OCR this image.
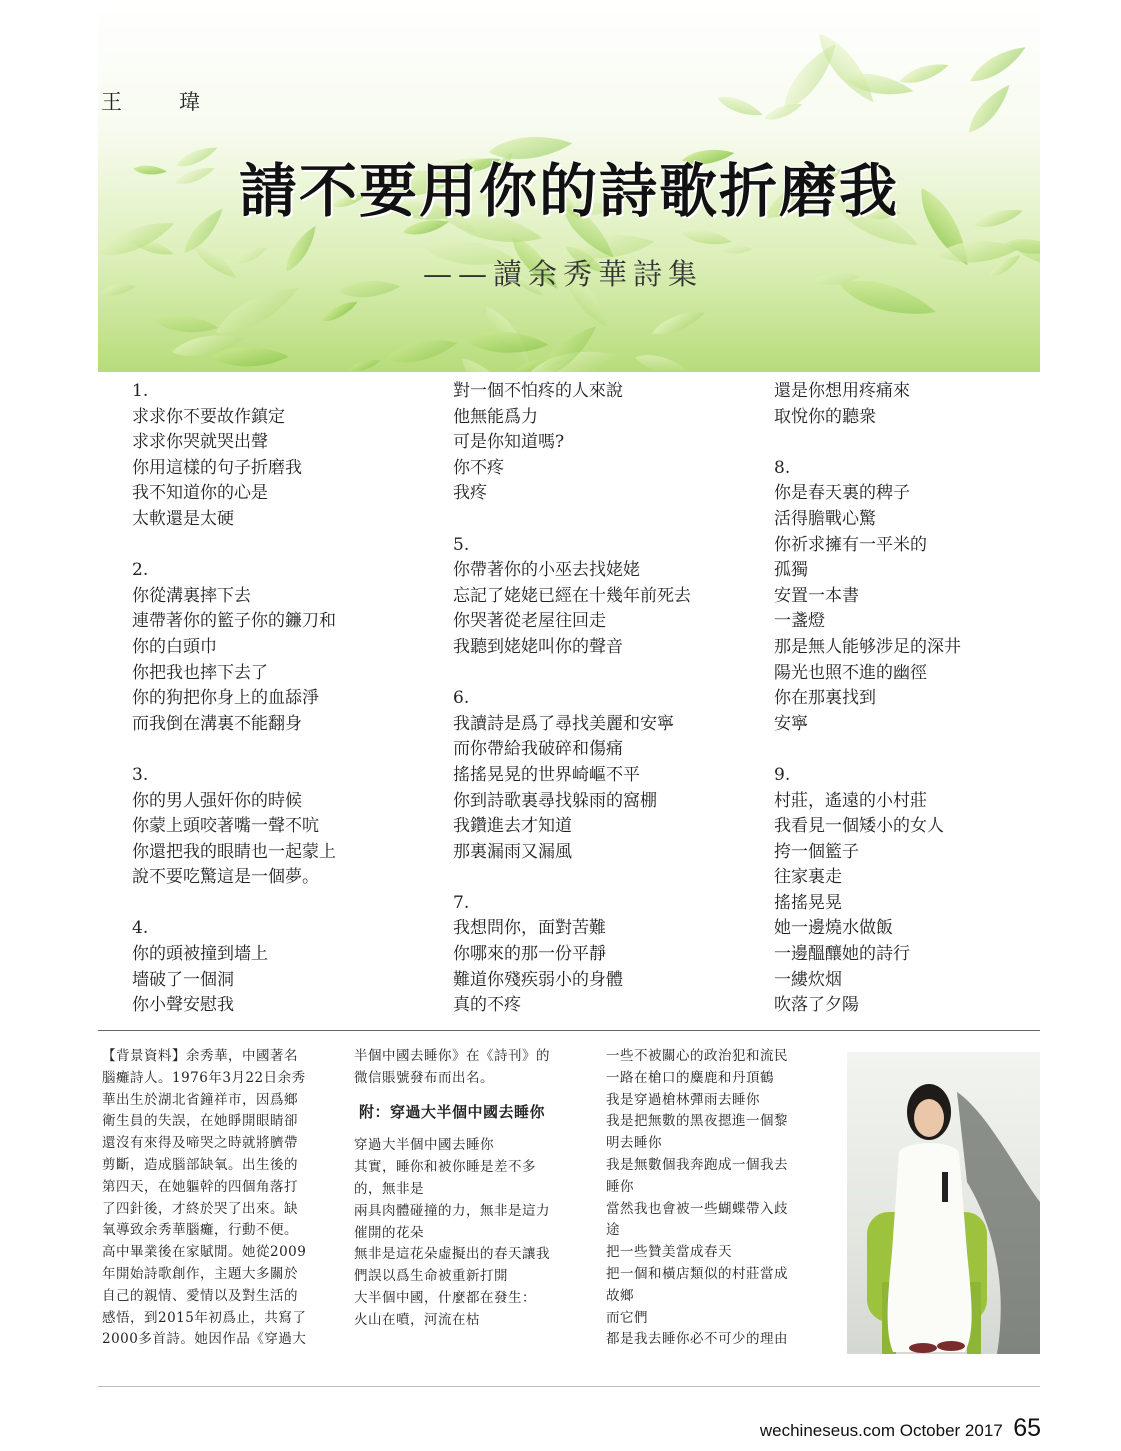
王　瑋
請不要用你的詩歌折磨我
——讀余秀華詩集
1.
求求你不要故作鎮定
求求你哭就哭出聲
你用這樣的句子折磨我
我不知道你的心是
太軟還是太硬

2.
你從溝裏摔下去
連帶著你的籃子你的鐮刀和
你的白頭巾
你把我也摔下去了
你的狗把你身上的血舔淨
而我倒在溝裏不能翻身

3.
你的男人强奸你的時候
你蒙上頭咬著嘴一聲不吭
你還把我的眼睛也一起蒙上
說不要吃驚這是一個夢。

4.
你的頭被撞到墻上
墻破了一個洞
你小聲安慰我
對一個不怕疼的人來說
他無能爲力
可是你知道嗎?
你不疼
我疼

5.
你帶著你的小巫去找姥姥
忘記了姥姥已經在十幾年前死去
你哭著從老屋往回走
我聽到姥姥叫你的聲音

6.
我讀詩是爲了尋找美麗和安寧
而你帶給我破碎和傷痛
搖搖晃晃的世界崎嶇不平
你到詩歌裏尋找躲雨的窩棚
我鑽進去才知道
那裏漏雨又漏風

7.
我想問你，面對苦難
你哪來的那一份平靜
難道你殘疾弱小的身體
真的不疼
還是你想用疼痛來
取悅你的聽衆

8.
你是春天裏的稗子
活得膽戰心驚
你祈求擁有一平米的
孤獨
安置一本書
一盞燈
那是無人能够涉足的深井
陽光也照不進的幽徑
你在那裏找到
安寧

9.
村莊，遙遠的小村莊
我看見一個矮小的女人
挎一個籃子
往家裏走
搖搖晃晃
她一邊燒水做飯
一邊醞釀她的詩行
一縷炊烟
吹落了夕陽
【背景資料】余秀華，中國著名
腦癱詩人。1976年3月22日余秀
華出生於湖北省鐘祥市，因爲鄉
衛生員的失誤，在她睜開眼睛卻
還沒有來得及啼哭之時就將臍帶
剪斷，造成腦部缺氧。出生後的
第四天，在她軀幹的四個角落打
了四針後，才終於哭了出來。缺
氧導致余秀華腦癱，行動不便。
高中畢業後在家賦閒。她從2009
年開始詩歌創作，主題大多關於
自己的親情、愛情以及對生活的
感悟，到2015年初爲止，共寫了
2000多首詩。她因作品《穿過大
半個中國去睡你》在《詩刊》的
微信賬號發布而出名。
附：穿過大半個中國去睡你
穿過大半個中國去睡你
其實，睡你和被你睡是差不多
的，無非是
兩具肉體碰撞的力，無非是這力
催開的花朵
無非是這花朵虛擬出的春天讓我
們誤以爲生命被重新打開
大半個中國，什麼都在發生：
火山在噴，河流在枯
一些不被關心的政治犯和流民
一路在槍口的麋鹿和丹頂鶴
我是穿過槍林彈雨去睡你
我是把無數的黑夜摁進一個黎
明去睡你
我是無數個我奔跑成一個我去
睡你
當然我也會被一些蝴蝶帶入歧
途
把一些贊美當成春天
把一個和橫店類似的村莊當成
故鄉
而它們
都是我去睡你必不可少的理由
wechineseus.com October 2017 65
